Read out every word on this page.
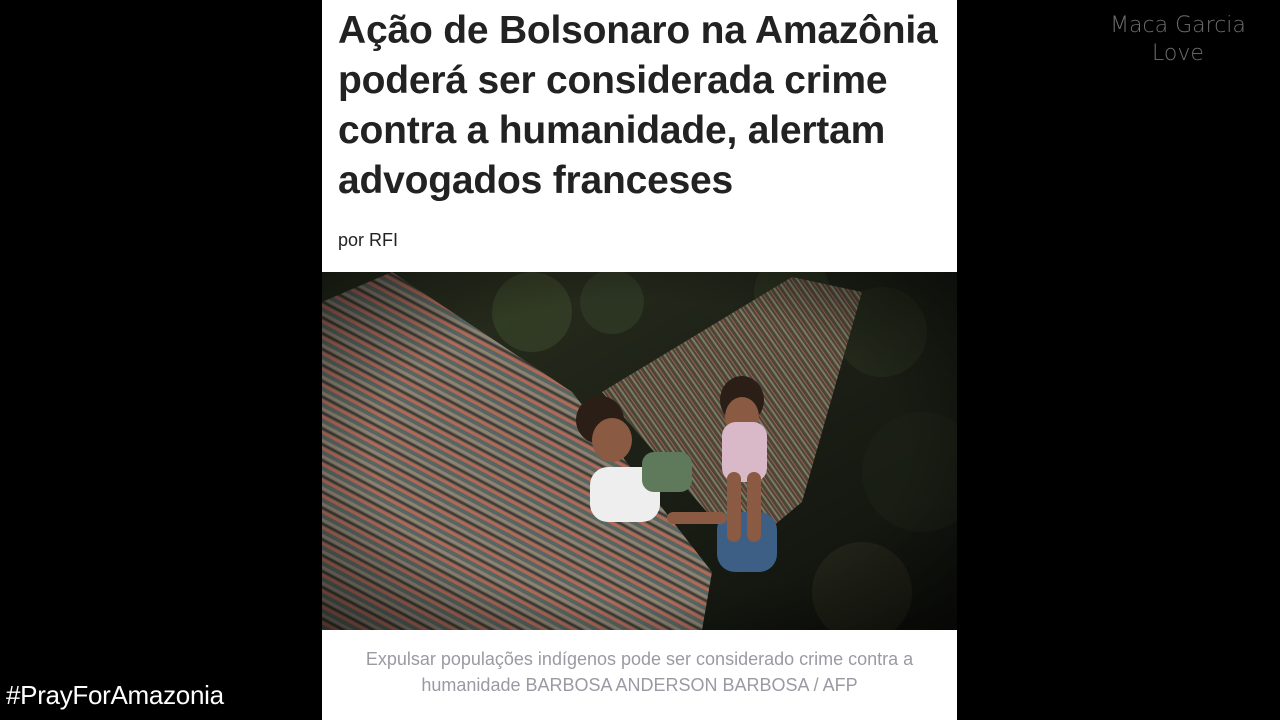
Ação de Bolsonaro na Amazônia poderá ser considerada crime contra a humanidade, alertam advogados franceses
por RFI
Expulsar populações indígenos pode ser considerado crime contra a humanidade BARBOSA ANDERSON BARBOSA / AFP
Maca Garcia Love
#PrayForAmazonia
